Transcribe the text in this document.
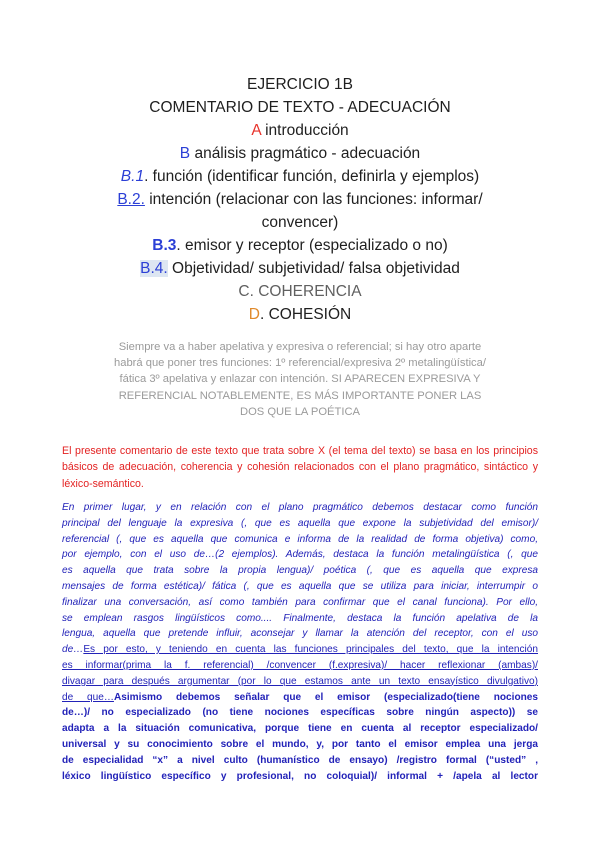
EJERCICIO 1B
COMENTARIO DE TEXTO - ADECUACIÓN
A introducción
B análisis pragmático - adecuación
B.1. función (identificar función, definirla y ejemplos)
B.2. intención (relacionar con las funciones: informar/
convencer)
B.3. emisor y receptor (especializado o no)
B.4. Objetividad/ subjetividad/ falsa objetividad
C. COHERENCIA
D. COHESIÓN
Siempre va a haber apelativa y expresiva o referencial; si hay otro aparte
habrá que poner tres funciones: 1º referencial/expresiva 2º metalingüística/
fática 3º apelativa y enlazar con intención. SI APARECEN EXPRESIVA Y
REFERENCIAL NOTABLEMENTE, ES MÁS IMPORTANTE PONER LAS
DOS QUE LA POÉTICA
El presente comentario de este texto que trata sobre X (el tema del texto) se basa en los principios básicos de adecuación, coherencia y cohesión relacionados con el plano pragmático, sintáctico y léxico-semántico.
En primer lugar, y en relación con el plano pragmático debemos destacar como función
principal del lenguaje la expresiva (, que es aquella que expone la subjetividad del emisor)/
referencial (, que es aquella que comunica e informa de la realidad de forma objetiva) como,
por ejemplo, con el uso de…(2 ejemplos). Además, destaca la función metalingüística (, que
es aquella que trata sobre la propia lengua)/ poética (, que es aquella que expresa
mensajes de forma estética)/ fática (, que es aquella que se utiliza para iniciar, interrumpir o
finalizar una conversación, así como también para confirmar que el canal funciona). Por ello,
se emplean rasgos lingüísticos como.... Finalmente, destaca la función apelativa de la
lengua, aquella que pretende influir, aconsejar y llamar la atención del receptor, con el uso
de…Es por esto, y teniendo en cuenta las funciones principales del texto, que la intención
es informar(prima la f. referencial) /convencer (f.expresiva)/ hacer reflexionar (ambas)/
divagar para después argumentar (por lo que estamos ante un texto ensayístico divulgativo)
de que…Asimismo debemos señalar que el emisor (especializado(tiene nociones
de…)/ no especializado (no tiene nociones específicas sobre ningún aspecto)) se
adapta a la situación comunicativa, porque tiene en cuenta al receptor especializado/
universal y su conocimiento sobre el mundo, y, por tanto el emisor emplea una jerga
de especialidad “x” a nivel culto (humanístico de ensayo) /registro formal (“usted” ,
léxico lingüístico específico y profesional, no coloquial)/ informal + /apela al lector
